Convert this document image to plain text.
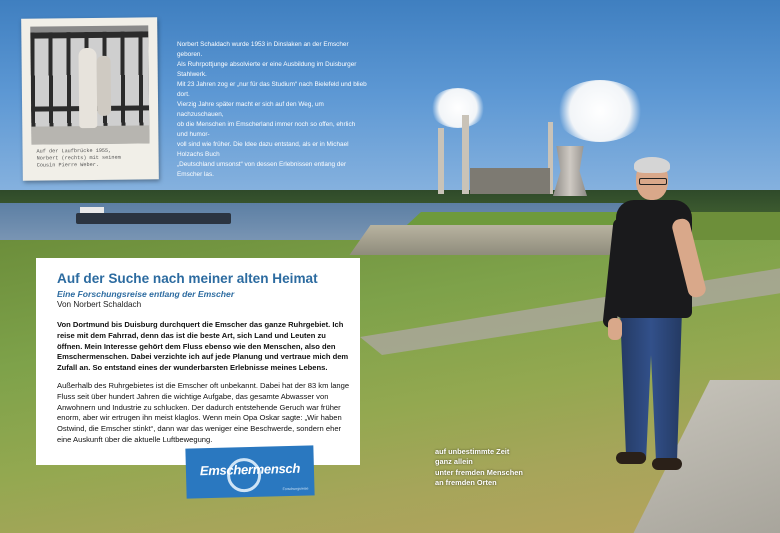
Norbert Schaldach wurde 1953 in Dinslaken an der Emscher geboren.

Als Ruhrpottjunge absolvierte er eine Ausbildung im Duisburger Stahlwerk.

Mit 23 Jahren zog er „nur für das Studium“ nach Bielefeld und blieb dort.

Vierzig Jahre später macht er sich auf den Weg, um nachzuschauen,

ob die Menschen im Emscherland immer noch so offen, ehrlich und humor-

voll sind wie früher. Die Idee dazu entstand, als er in Michael Holzachs Buch

„Deutschland umsonst“ von dessen Erlebnissen entlang der Emscher las.

Auf der Laufbrücke 1955,
Norbert (rechts) mit seinem
Cousin Pierre Weber.
Auf der Suche nach meiner alten Heimat
Eine Forschungsreise entlang der Emscher
Von Norbert Schaldach

Von Dortmund bis Duisburg durchquert die Emscher das ganze Ruhrgebiet. Ich reise mit dem Fahrrad, denn das ist die beste Art, sich Land und Leuten zu öffnen. Mein Interesse gehört dem Fluss ebenso wie den Menschen, also den Emschermenschen. Dabei verzichte ich auf jede Planung und vertraue mich dem Zufall an. So entstand eines der wunderbarsten Erlebnisse meines Lebens.

Außerhalb des Ruhrgebietes ist die Emscher oft unbekannt. Dabei hat der 83 km lange Fluss seit über hundert Jahren die wichtige Aufgabe, das gesamte Abwasser von Anwohnern und Industrie zu schlucken. Der dadurch entstehende Geruch war früher enorm, aber wir ertrugen ihn meist klaglos. Wenn mein Opa Oskar sagte: „Wir haben Ostwind, die Emscher stinkt“, dann war das weniger eine Beschwerde, sondern eher eine Auskunft über die aktuelle Luftbewegung.

Emschermensch
Forschungsreise

auf unbestimmte Zeit
ganz allein
unter fremden Menschen
an fremden Orten
